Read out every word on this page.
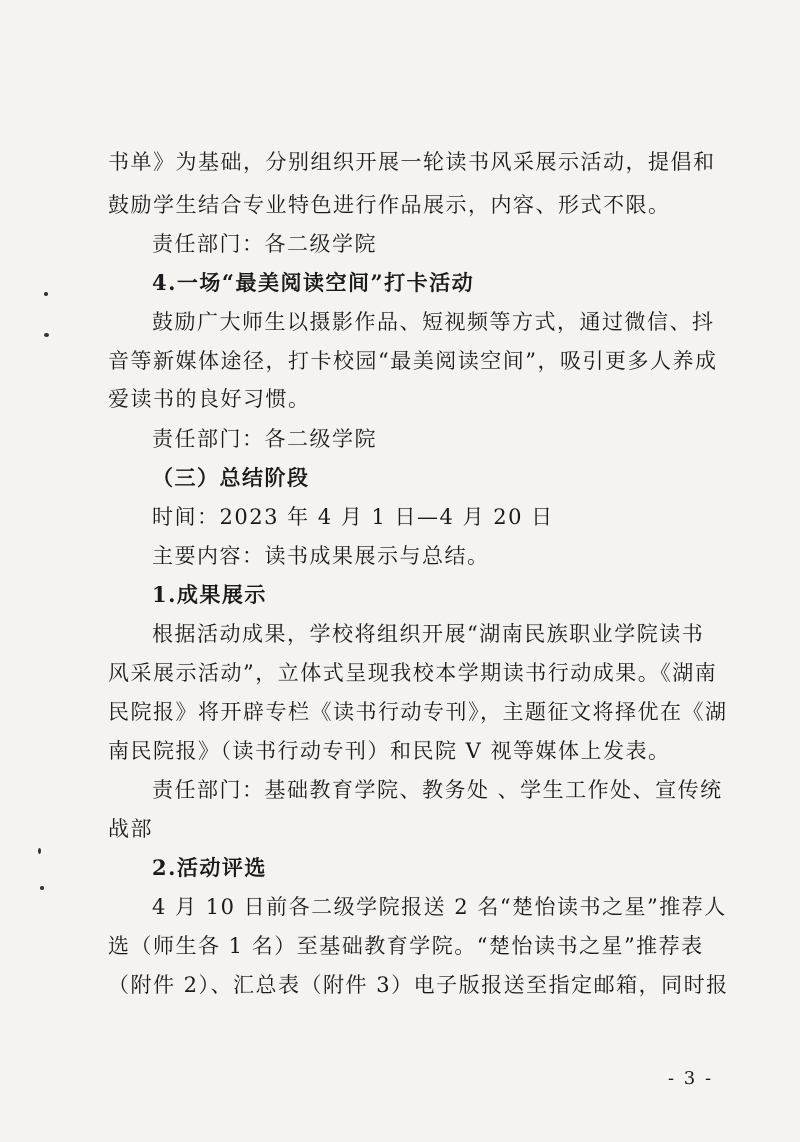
书单》为基础，分别组织开展一轮读书风采展示活动，提倡和
鼓励学生结合专业特色进行作品展示，内容、形式不限。
责任部门：各二级学院
4.一场“最美阅读空间”打卡活动
鼓励广大师生以摄影作品、短视频等方式，通过微信、抖
音等新媒体途径，打卡校园“最美阅读空间”，吸引更多人养成
爱读书的良好习惯。
责任部门：各二级学院
（三）总结阶段
时间：2023 年 4 月 1 日—4 月 20 日
主要内容：读书成果展示与总结。
1.成果展示
根据活动成果，学校将组织开展“湖南民族职业学院读书
风采展示活动”，立体式呈现我校本学期读书行动成果。《湖南
民院报》将开辟专栏《读书行动专刊》，主题征文将择优在《湖
南民院报》（读书行动专刊）和民院 V 视等媒体上发表。
责任部门：基础教育学院、教务处 、学生工作处、宣传统
战部
2.活动评选
4 月 10 日前各二级学院报送 2 名“楚怡读书之星”推荐人
选（师生各 1 名）至基础教育学院。“楚怡读书之星”推荐表
（附件 2）、汇总表（附件 3）电子版报送至指定邮箱，同时报
- 3 -
